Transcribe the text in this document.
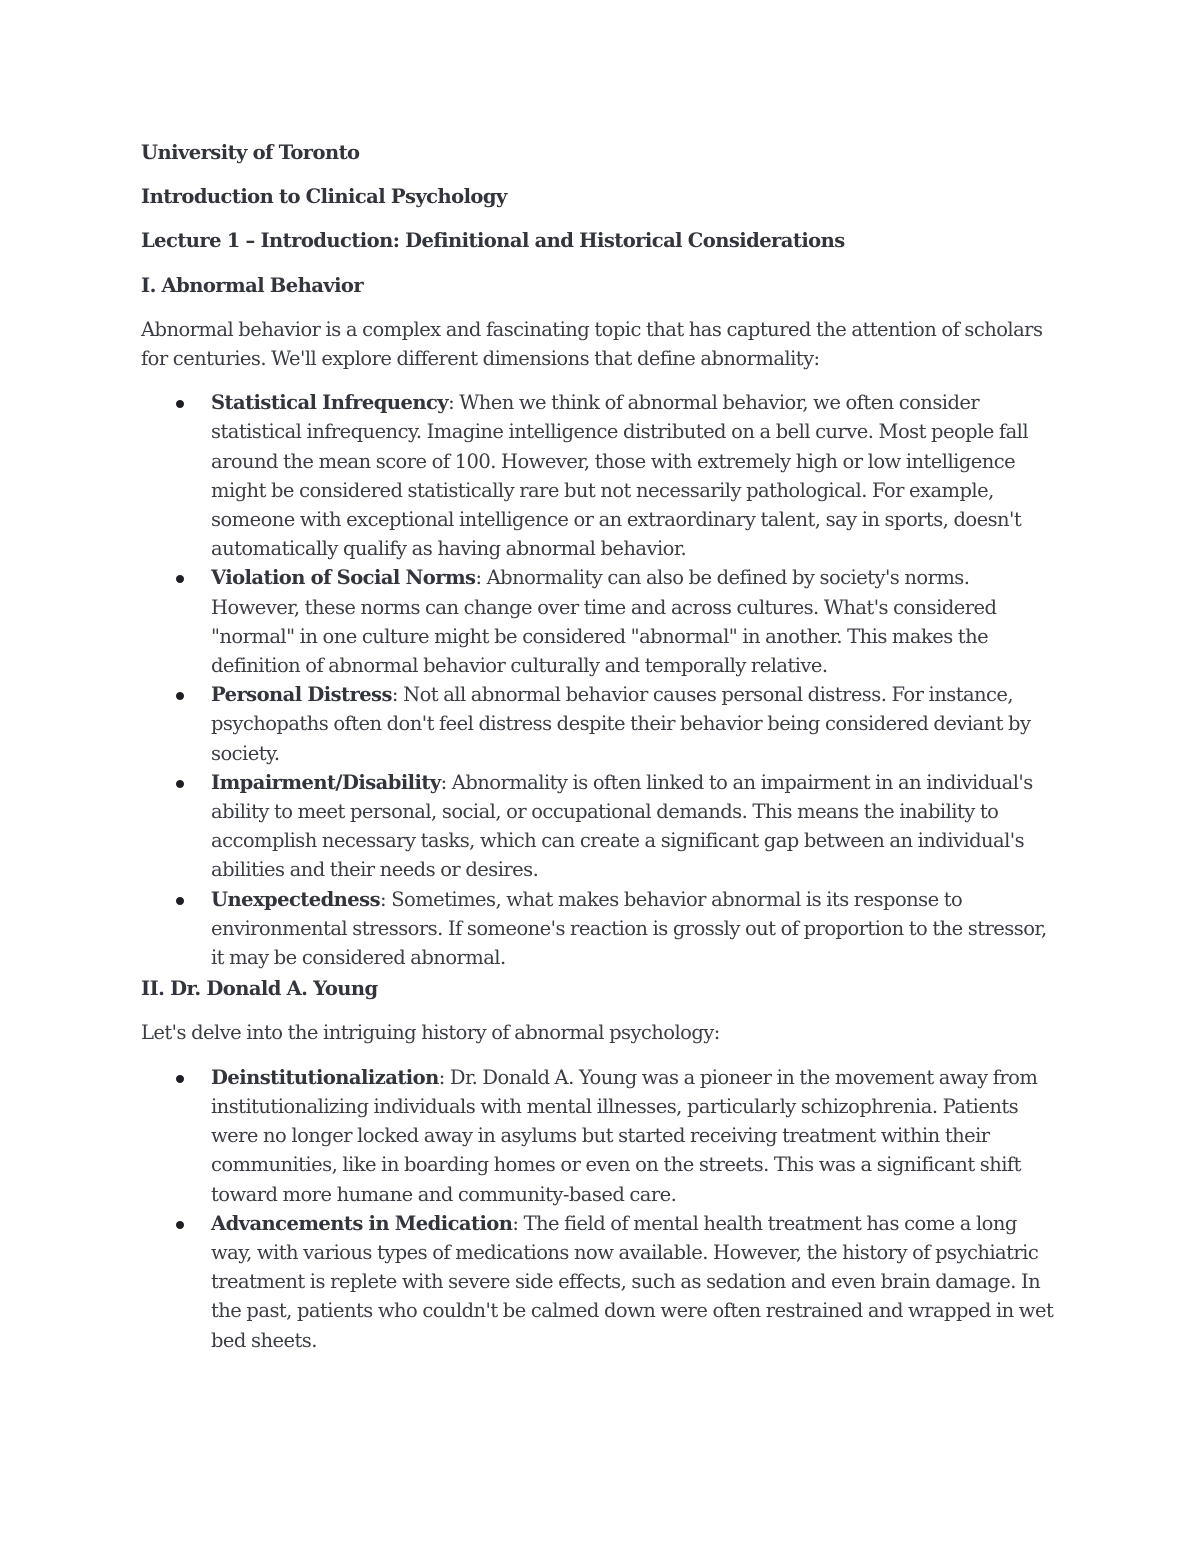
University of Toronto

Introduction to Clinical Psychology

Lecture 1 – Introduction: Definitional and Historical Considerations

I. Abnormal Behavior

Abnormal behavior is a complex and fascinating topic that has captured the attention of scholars for centuries. We'll explore different dimensions that define abnormality:

Statistical Infrequency: When we think of abnormal behavior, we often consider statistical infrequency. Imagine intelligence distributed on a bell curve. Most people fall around the mean score of 100. However, those with extremely high or low intelligence might be considered statistically rare but not necessarily pathological. For example, someone with exceptional intelligence or an extraordinary talent, say in sports, doesn't automatically qualify as having abnormal behavior.
Violation of Social Norms: Abnormality can also be defined by society's norms. However, these norms can change over time and across cultures. What's considered "normal" in one culture might be considered "abnormal" in another. This makes the definition of abnormal behavior culturally and temporally relative.
Personal Distress: Not all abnormal behavior causes personal distress. For instance, psychopaths often don't feel distress despite their behavior being considered deviant by society.
Impairment/Disability: Abnormality is often linked to an impairment in an individual's ability to meet personal, social, or occupational demands. This means the inability to accomplish necessary tasks, which can create a significant gap between an individual's abilities and their needs or desires.
Unexpectedness: Sometimes, what makes behavior abnormal is its response to environmental stressors. If someone's reaction is grossly out of proportion to the stressor, it may be considered abnormal.

II. Dr. Donald A. Young

Let's delve into the intriguing history of abnormal psychology:

Deinstitutionalization: Dr. Donald A. Young was a pioneer in the movement away from institutionalizing individuals with mental illnesses, particularly schizophrenia. Patients were no longer locked away in asylums but started receiving treatment within their communities, like in boarding homes or even on the streets. This was a significant shift toward more humane and community-based care.
Advancements in Medication: The field of mental health treatment has come a long way, with various types of medications now available. However, the history of psychiatric treatment is replete with severe side effects, such as sedation and even brain damage. In the past, patients who couldn't be calmed down were often restrained and wrapped in wet bed sheets.
